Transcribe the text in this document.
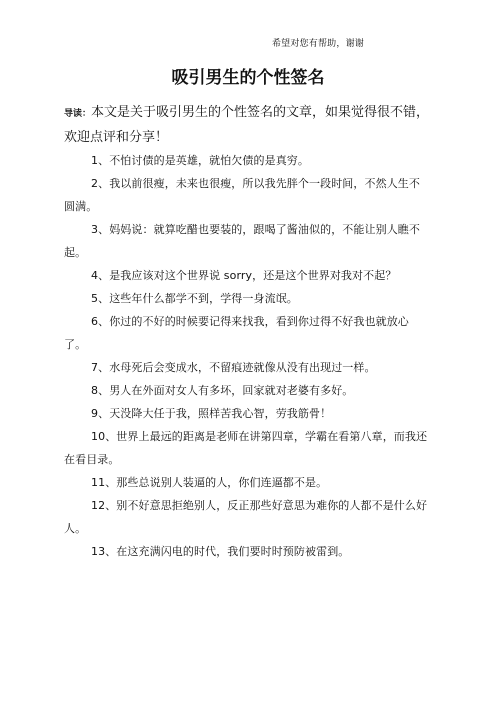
希望对您有帮助，谢谢
吸引男生的个性签名
导读：本文是关于吸引男生的个性签名的文章，如果觉得很不错，欢迎点评和分享！

1、不怕讨债的是英雄，就怕欠债的是真穷。

2、我以前很瘦，未来也很瘦，所以我先胖个一段时间，不然人生不圆满。

3、妈妈说：就算吃醋也要装的，跟喝了酱油似的，不能让别人瞧不起。

4、是我应该对这个世界说 sorry，还是这个世界对我对不起？

5、这些年什么都学不到，学得一身流氓。

6、你过的不好的时候要记得来找我，看到你过得不好我也就放心了。

7、水母死后会变成水，不留痕迹就像从没有出现过一样。

8、男人在外面对女人有多坏，回家就对老婆有多好。

9、天没降大任于我，照样苦我心智，劳我筋骨！

10、世界上最远的距离是老师在讲第四章，学霸在看第八章，而我还在看目录。

11、那些总说别人装逼的人，你们连逼都不是。

12、别不好意思拒绝别人，反正那些好意思为难你的人都不是什么好人。

13、在这充满闪电的时代，我们要时时预防被雷到。
